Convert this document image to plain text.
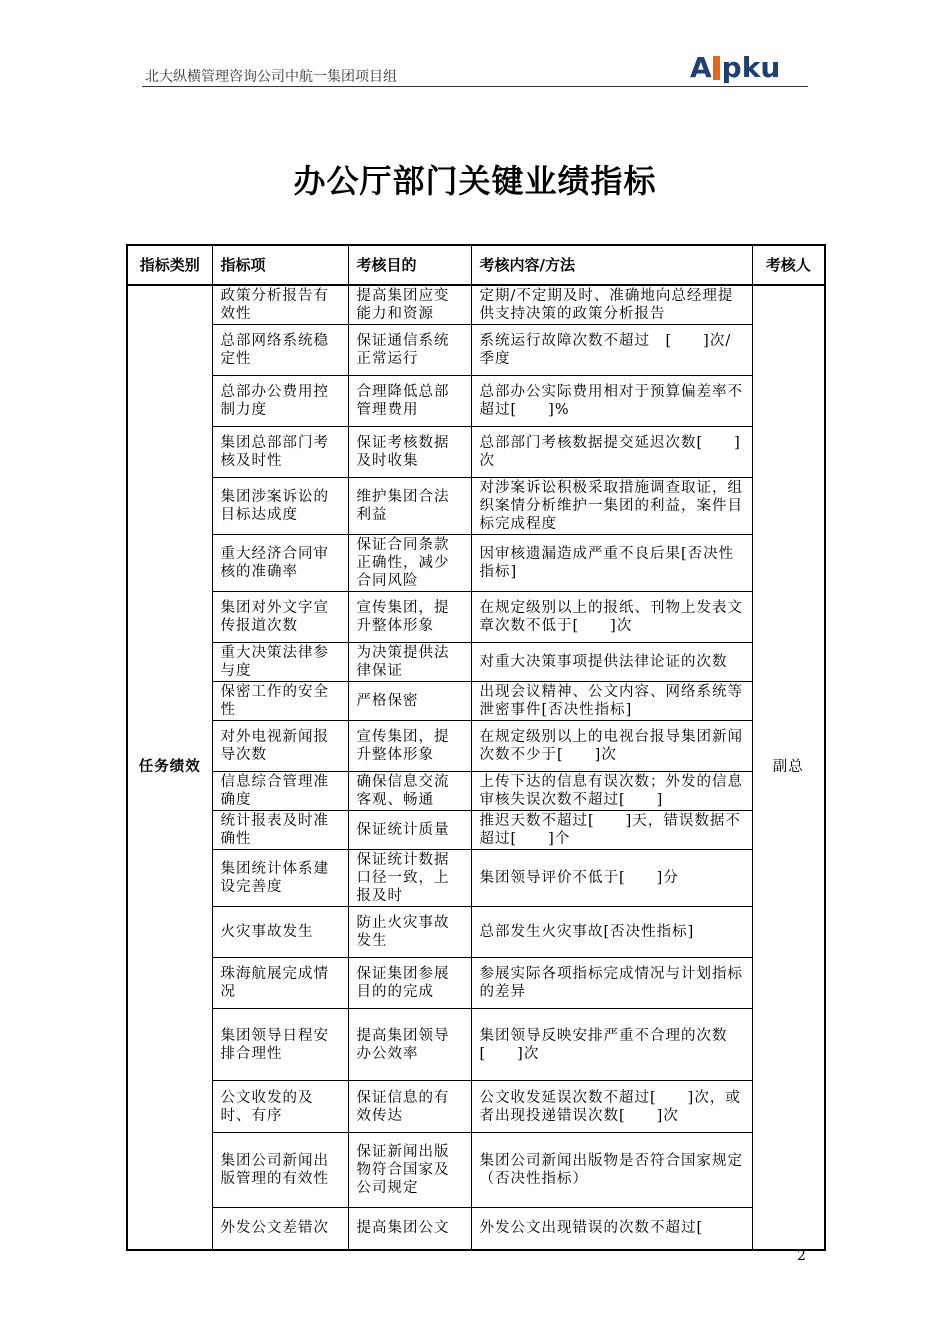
北大纵横管理咨询公司中航一集团项目组	A pku
办公厅部门关键业绩指标
指标类别	指标项	考核目的	考核内容/方法	考核人
任务绩效	政策分析报告有效性	提高集团应变能力和资源	定期/不定期及时、准确地向总经理提供支持决策的政策分析报告	副总
	总部网络系统稳定性	保证通信系统正常运行	系统运行故障次数不超过　[　　]次/季度	
	总部办公费用控制力度	合理降低总部管理费用	总部办公实际费用相对于预算偏差率不超过[　　]%	
	集团总部部门考核及时性	保证考核数据及时收集	总部部门考核数据提交延迟次数[　　]次	
	集团涉案诉讼的目标达成度	维护集团合法利益	对涉案诉讼积极采取措施调查取证，组织案情分析维护一集团的利益，案件目标完成程度	
	重大经济合同审核的准确率	保证合同条款正确性，减少合同风险	因审核遗漏造成严重不良后果[否决性指标]	
	集团对外文字宣传报道次数	宣传集团，提升整体形象	在规定级别以上的报纸、刊物上发表文章次数不低于[　　]次	
	重大决策法律参与度	为决策提供法律保证	对重大决策事项提供法律论证的次数	
	保密工作的安全性	严格保密	出现会议精神、公文内容、网络系统等泄密事件[否决性指标]	
	对外电视新闻报导次数	宣传集团，提升整体形象	在规定级别以上的电视台报导集团新闻次数不少于[　　]次	
	信息综合管理准确度	确保信息交流客观、畅通	上传下达的信息有误次数；外发的信息审核失误次数不超过[　　]	
	统计报表及时准确性	保证统计质量	推迟天数不超过[　　]天，错误数据不超过[　　]个	
	集团统计体系建设完善度	保证统计数据口径一致，上报及时	集团领导评价不低于[　　]分	
	火灾事故发生	防止火灾事故发生	总部发生火灾事故[否决性指标]	
	珠海航展完成情况	保证集团参展目的的完成	参展实际各项指标完成情况与计划指标的差异	
	集团领导日程安排合理性	提高集团领导办公效率	集团领导反映安排严重不合理的次数[　　]次	
	公文收发的及时、有序	保证信息的有效传达	公文收发延误次数不超过[　　]次，或者出现投递错误次数[　　]次	
	集团公司新闻出版管理的有效性	保证新闻出版物符合国家及公司规定	集团公司新闻出版物是否符合国家规定（否决性指标）	
	外发公文差错次	提高集团公文	外发公文出现错误的次数不超过[	
2
